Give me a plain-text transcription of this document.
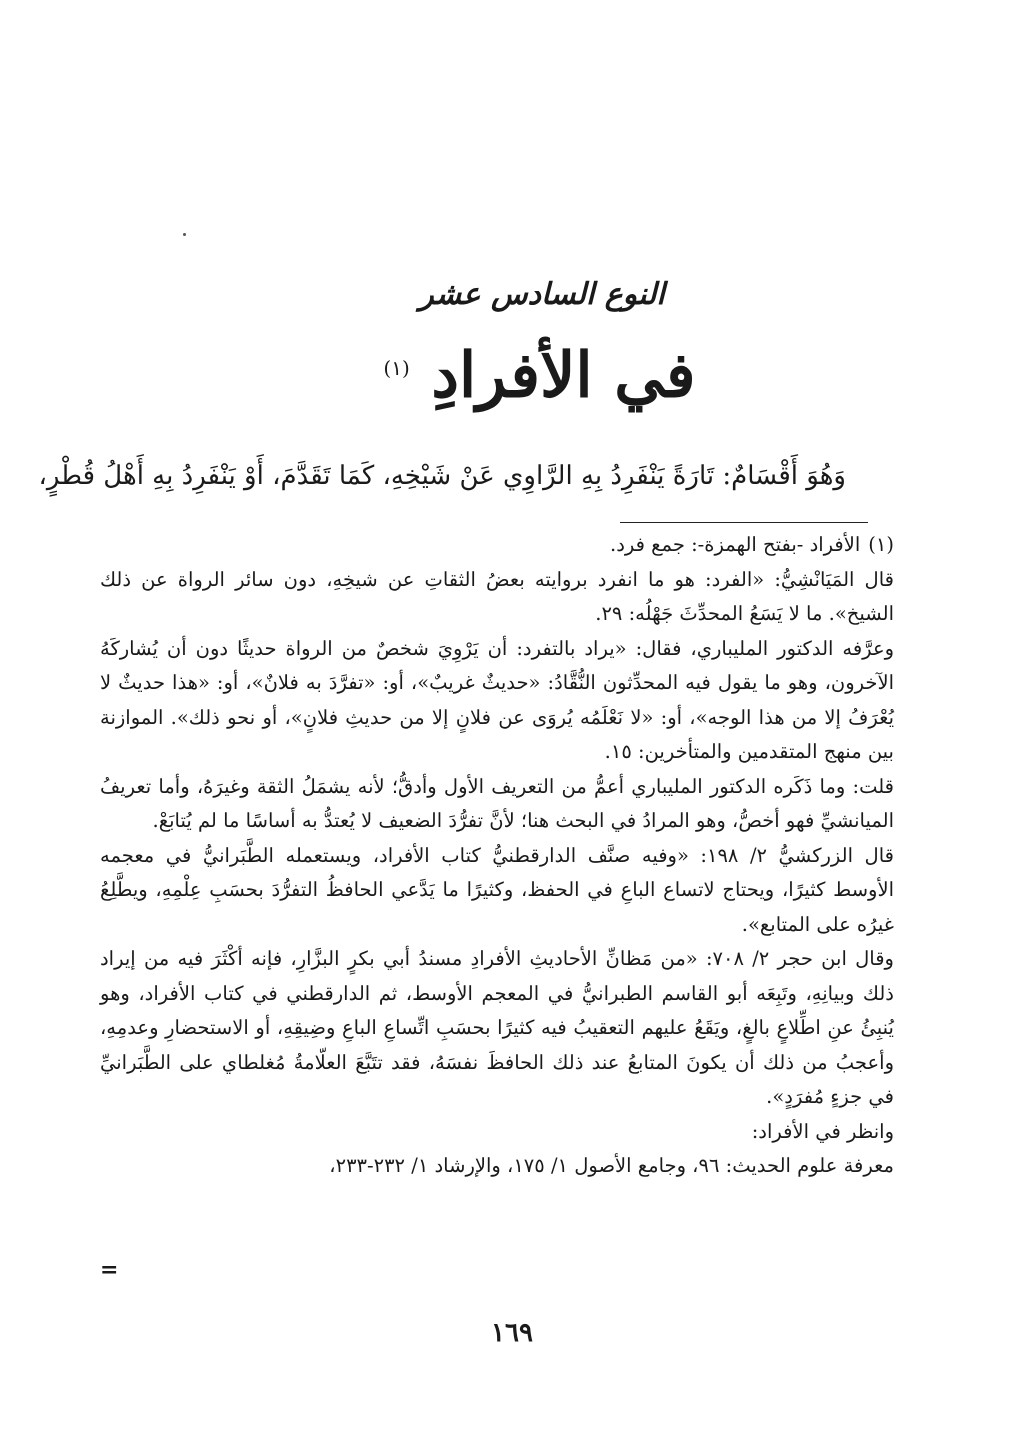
النوع السادس عشر
في الأفرادِ $^{(١)}$
وَهُوَ أَقْسَامٌ: تَارَةً يَنْفَرِدُ بِهِ الرَّاوِي عَنْ شَيْخِهِ، كَمَا تَقَدَّمَ، أَوْ يَنْفَرِدُ بِهِ أَهْلُ قُطْرٍ،

(١)الأفراد -بفتح الهمزة-: جمع فرد.

قال المَيَانْشِيُّ: «الفرد: هو ما انفرد بروايته بعضُ الثقاتِ عن شيخِهِ، دون سائر الرواة عن ذلك الشيخ». ما لا يَسَعُ المحدِّثَ جَهْلُه: ٢٩.

وعرَّفه الدكتور المليباري، فقال: «يراد بالتفرد: أن يَرْوِيَ شخصٌ من الرواة حديثًا دون أن يُشاركَهُ الآخرون، وهو ما يقول فيه المحدِّثون النُّقَّادُ: «حديثٌ غريبٌ»، أو: «تفرَّدَ به فلانٌ»، أو: «هذا حديثٌ لا يُعْرَفُ إلا من هذا الوجه»، أو: «لا نَعْلَمُه يُروَى عن فلانٍ إلا من حديثِ فلانٍ»، أو نحو ذلك». الموازنة بين منهج المتقدمين والمتأخرين: ١٥.

قلت: وما ذَكَره الدكتور المليباري أعمُّ من التعريف الأول وأدقُّ؛ لأنه يشمَلُ الثقة وغيرَهُ، وأما تعريفُ الميانشيِّ فهو أخصُّ، وهو المرادُ في البحث هنا؛ لأنَّ تفرُّدَ الضعيف لا يُعتدُّ به أساسًا ما لم يُتابَعْ.

قال الزركشيُّ ٢/ ١٩٨: «وفيه صنَّف الدارقطنيُّ كتاب الأفراد، ويستعمله الطَّبَرانيُّ في معجمه الأوسط كثيرًا، ويحتاج لاتساع الباعِ في الحفظ، وكثيرًا ما يَدَّعي الحافظُ التفرُّدَ بحسَبِ عِلْمِهِ، ويطَّلِعُ غيرُه على المتابع».

وقال ابن حجر ٢/ ٧٠٨: «من مَظانِّ الأحاديثِ الأفرادِ مسندُ أبي بكرٍ البزَّارِ، فإنه أكْثَرَ فيه من إيراد ذلك وبيانِهِ، وتَبِعَه أبو القاسم الطبرانيُّ في المعجم الأوسط، ثم الدارقطني في كتاب الأفراد، وهو يُنبِئُ عنِ اطِّلاعٍ بالغٍ، ويَقَعُ عليهم التعقيبُ فيه كثيرًا بحسَبِ اتِّساعِ الباعِ وضِيقِهِ، أو الاستحضارِ وعدمِهِ، وأعجبُ من ذلك أن يكونَ المتابعُ عند ذلك الحافظَ نفسَهُ، فقد تتَبَّعَ العلّامةُ مُغلطاي على الطَّبَرانيِّ في جزءٍ مُفرَدٍ».

وانظر في الأفراد:

معرفة علوم الحديث: ٩٦، وجامع الأصول ١/ ١٧٥، والإرشاد ١/ ٢٣٢-٢٣٣،

=
١٦٩
